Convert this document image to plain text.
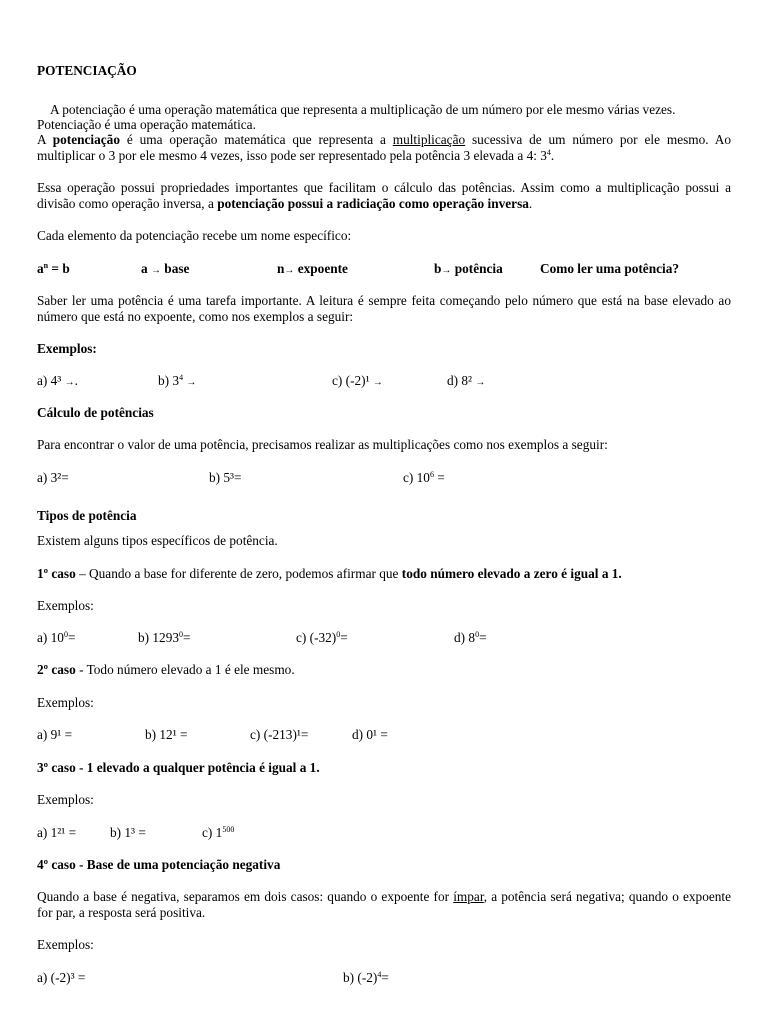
POTENCIAÇÃO
A potenciação é uma operação matemática que representa a multiplicação de um número por ele mesmo várias vezes.
Potenciação é uma operação matemática.
A potenciação é uma operação matemática que representa a multiplicação sucessiva de um número por ele mesmo. Ao multiplicar o 3 por ele mesmo 4 vezes, isso pode ser representado pela potência 3 elevada a 4: $3^4$.
Essa operação possui propriedades importantes que facilitam o cálculo das potências. Assim como a multiplicação possui a divisão como operação inversa, a potenciação possui a radiciação como operação inversa.
Cada elemento da potenciação recebe um nome específico:
$a^n = b$	a → base	n→ expoente	b→ potência	Como ler uma potência?
Saber ler uma potência é uma tarefa importante. A leitura é sempre feita começando pelo número que está na base elevado ao número que está no expoente, como nos exemplos a seguir:
Exemplos:
a) 4³ →.	b) $3^4$ →	c) (-2)¹ →	d) 8² →
Cálculo de potências
Para encontrar o valor de uma potência, precisamos realizar as multiplicações como nos exemplos a seguir:
a) 3²=	b) 5³=	c) $10^6$ =
Tipos de potência
Existem alguns tipos específicos de potência.
1º caso – Quando a base for diferente de zero, podemos afirmar que todo número elevado a zero é igual a 1.
Exemplos:
a) $10^0=$	b) $1293^0=$	c) $(-32)^0=$	d) $8^0=$
2º caso - Todo número elevado a 1 é ele mesmo.
Exemplos:
a) 9¹ =	b) 12¹ =	c) (-213)¹=	d) 0¹ =
3º caso - 1 elevado a qualquer potência é igual a 1.
Exemplos:
a) 1²¹ =	b) 1³ =	c) $1^{500}$
4º caso - Base de uma potenciação negativa
Quando a base é negativa, separamos em dois casos: quando o expoente for ímpar, a potência será negativa; quando o expoente for par, a resposta será positiva.
Exemplos:
a) (-2)³ =	b) $(-2)^4=$
